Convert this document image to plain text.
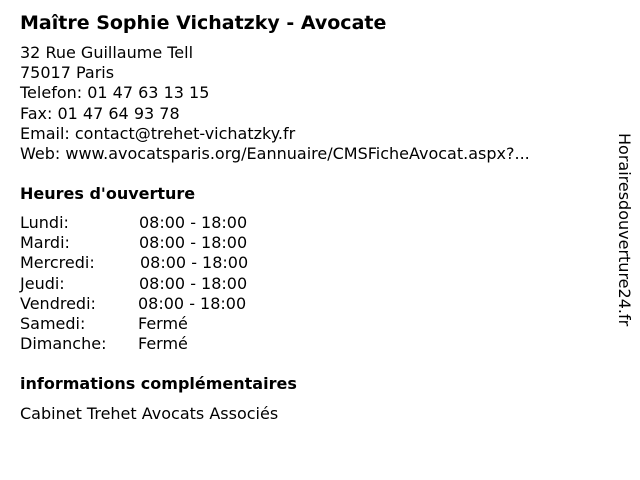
Maître Sophie Vichatzky - Avocate
32 Rue Guillaume Tell
75017 Paris
Telefon: 01 47 63 13 15
Fax: 01 47 64 93 78
Email: contact@trehet-vichatzky.fr
Web: www.avocatsparis.org/Eannuaire/CMSFicheAvocat.aspx?...
Heures d'ouverture
Lundi:	08:00 - 18:00
Mardi:	08:00 - 18:00
Mercredi:	08:00 - 18:00
Jeudi:	08:00 - 18:00
Vendredi:	08:00 - 18:00
Samedi:	Fermé
Dimanche: Fermé
informations complémentaires
Cabinet Trehet Avocats Associés
Horairesdouverture24.fr
